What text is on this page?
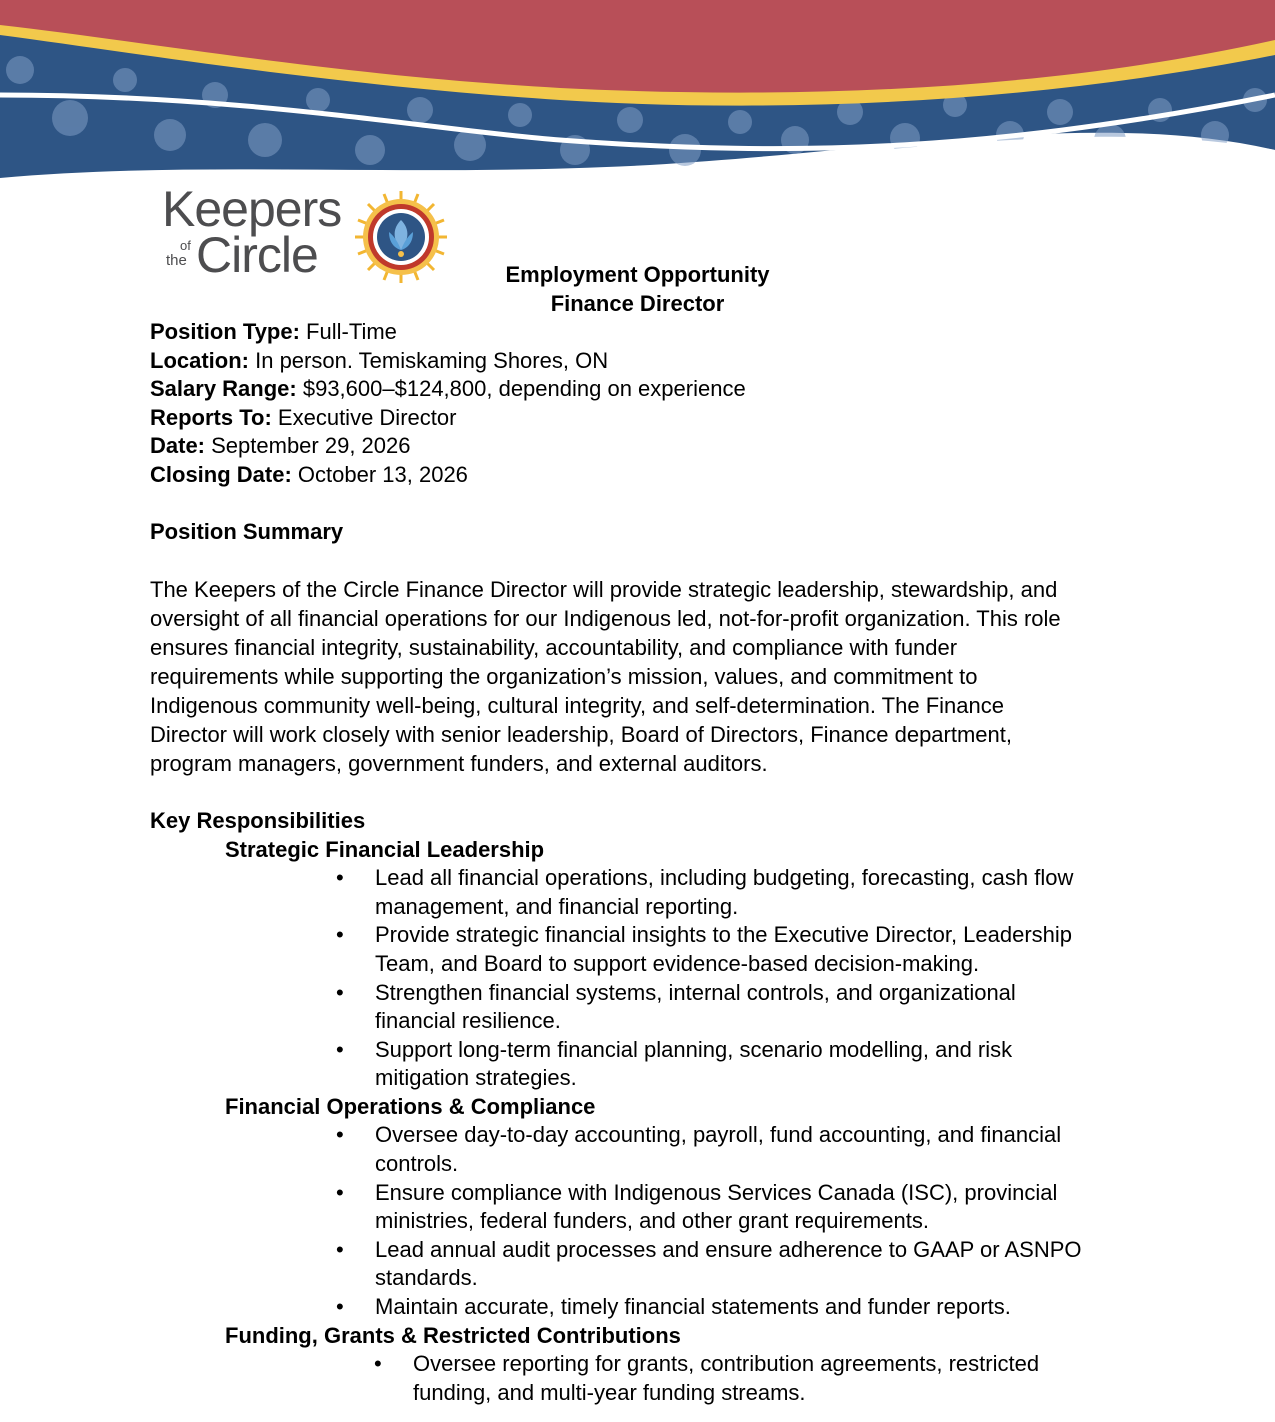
Keepers
of
the Circle	Employment Opportunity
Finance Director
Position Type: Full-Time
Location: In person. Temiskaming Shores, ON
Salary Range: $93,600–$124,800, depending on experience
Reports To: Executive Director
Date: September 29, 2026
Closing Date: October 13, 2026
Position Summary
The Keepers of the Circle Finance Director will provide strategic leadership, stewardship, and
oversight of all financial operations for our Indigenous led, not-for-profit organization. This role
ensures financial integrity, sustainability, accountability, and compliance with funder
requirements while supporting the organization’s mission, values, and commitment to
Indigenous community well-being, cultural integrity, and self-determination. The Finance
Director will work closely with senior leadership, Board of Directors, Finance department,
program managers, government funders, and external auditors.
Key Responsibilities
Strategic Financial Leadership
• Lead all financial operations, including budgeting, forecasting, cash flow
management, and financial reporting.
• Provide strategic financial insights to the Executive Director, Leadership
Team, and Board to support evidence-based decision-making.
• Strengthen financial systems, internal controls, and organizational
financial resilience.
• Support long-term financial planning, scenario modelling, and risk
mitigation strategies.
Financial Operations & Compliance
• Oversee day-to-day accounting, payroll, fund accounting, and financial
controls.
• Ensure compliance with Indigenous Services Canada (ISC), provincial
ministries, federal funders, and other grant requirements.
• Lead annual audit processes and ensure adherence to GAAP or ASNPO
standards.
• Maintain accurate, timely financial statements and funder reports.
Funding, Grants & Restricted Contributions
• Oversee reporting for grants, contribution agreements, restricted
funding, and multi-year funding streams.
